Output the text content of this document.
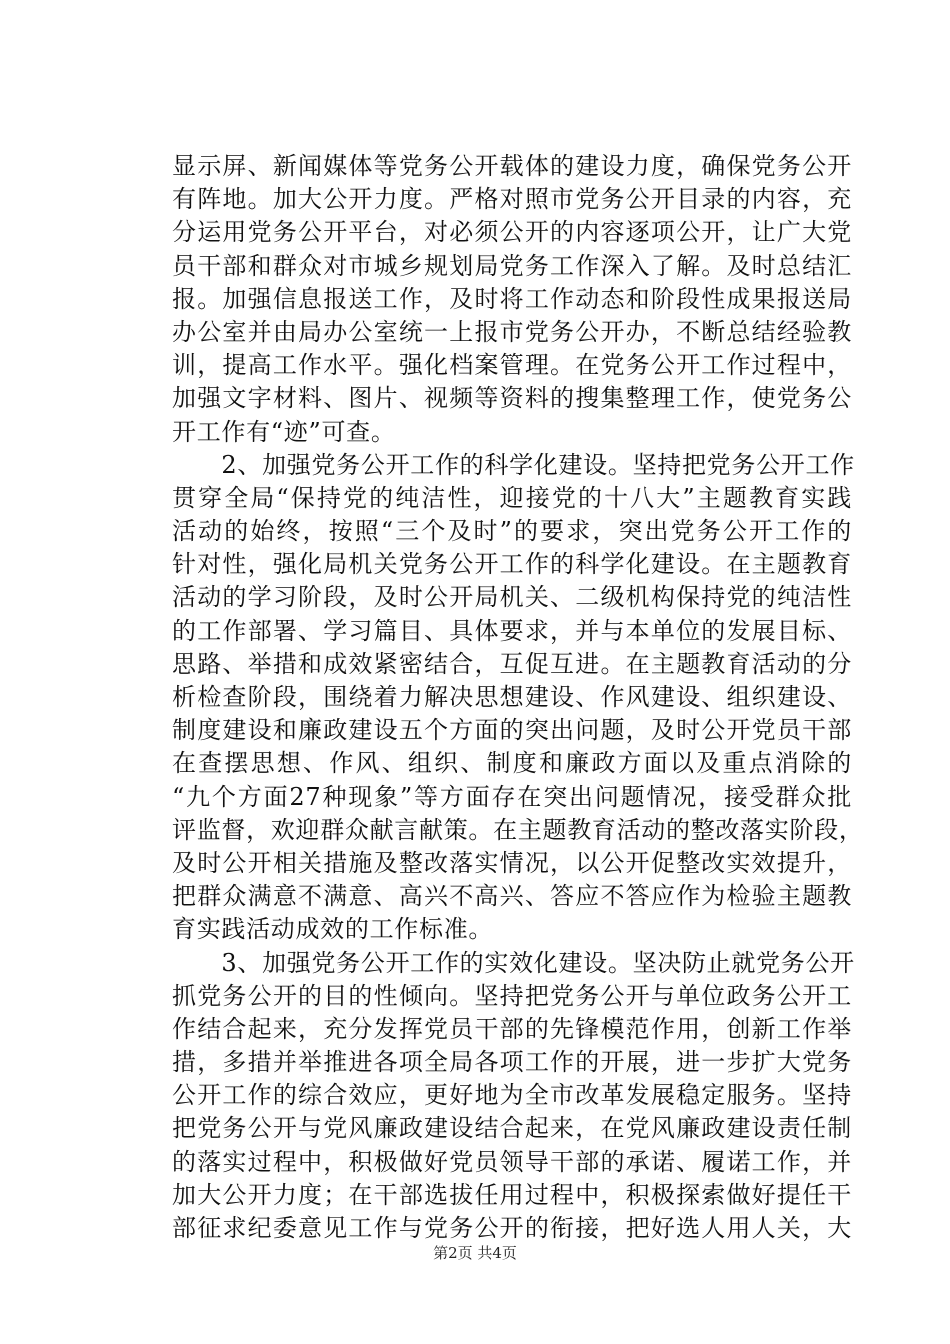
显示屏、新闻媒体等党务公开载体的建设力度，确保党务公开
有阵地。加大公开力度。严格对照市党务公开目录的内容，充
分运用党务公开平台，对必须公开的内容逐项公开，让广大党
员干部和群众对市城乡规划局党务工作深入了解。及时总结汇
报。加强信息报送工作，及时将工作动态和阶段性成果报送局
办公室并由局办公室统一上报市党务公开办，不断总结经验教
训，提高工作水平。强化档案管理。在党务公开工作过程中，
加强文字材料、图片、视频等资料的搜集整理工作，使党务公
开工作有“迹”可查。
　　2、加强党务公开工作的科学化建设。坚持把党务公开工作
贯穿全局“保持党的纯洁性，迎接党的十八大”主题教育实践
活动的始终，按照“三个及时”的要求，突出党务公开工作的
针对性，强化局机关党务公开工作的科学化建设。在主题教育
活动的学习阶段，及时公开局机关、二级机构保持党的纯洁性
的工作部署、学习篇目、具体要求，并与本单位的发展目标、
思路、举措和成效紧密结合，互促互进。在主题教育活动的分
析检查阶段，围绕着力解决思想建设、作风建设、组织建设、
制度建设和廉政建设五个方面的突出问题，及时公开党员干部
在查摆思想、作风、组织、制度和廉政方面以及重点消除的
“九个方面27种现象”等方面存在突出问题情况，接受群众批
评监督，欢迎群众献言献策。在主题教育活动的整改落实阶段，
及时公开相关措施及整改落实情况，以公开促整改实效提升，
把群众满意不满意、高兴不高兴、答应不答应作为检验主题教
育实践活动成效的工作标准。
　　3、加强党务公开工作的实效化建设。坚决防止就党务公开
抓党务公开的目的性倾向。坚持把党务公开与单位政务公开工
作结合起来，充分发挥党员干部的先锋模范作用，创新工作举
措，多措并举推进各项全局各项工作的开展，进一步扩大党务
公开工作的综合效应，更好地为全市改革发展稳定服务。坚持
把党务公开与党风廉政建设结合起来，在党风廉政建设责任制
的落实过程中，积极做好党员领导干部的承诺、履诺工作，并
加大公开力度；在干部选拔任用过程中，积极探索做好提任干
部征求纪委意见工作与党务公开的衔接，把好选人用人关，大
第2页 共4页
